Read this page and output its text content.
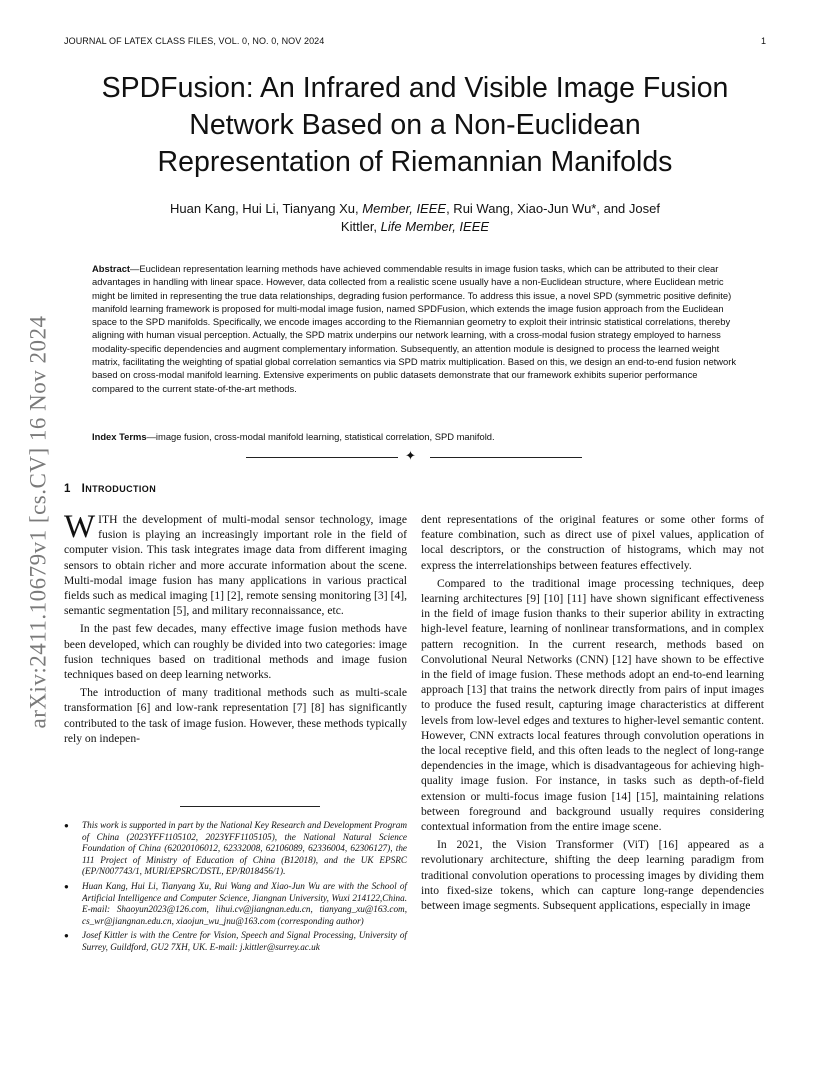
JOURNAL OF LATEX CLASS FILES, VOL. 0, NO. 0, NOV 2024	1
arXiv:2411.10679v1 [cs.CV] 16 Nov 2024
SPDFusion: An Infrared and Visible Image Fusion Network Based on a Non-Euclidean Representation of Riemannian Manifolds
Huan Kang, Hui Li, Tianyang Xu, Member, IEEE, Rui Wang, Xiao-Jun Wu*, and Josef
Kittler, Life Member, IEEE
Abstract—Euclidean representation learning methods have achieved commendable results in image fusion tasks, which can be attributed to their clear advantages in handling with linear space. However, data collected from a realistic scene usually have a non-Euclidean structure, where Euclidean metric might be limited in representing the true data relationships, degrading fusion performance. To address this issue, a novel SPD (symmetric positive definite) manifold learning framework is proposed for multi-modal image fusion, named SPDFusion, which extends the image fusion approach from the Euclidean space to the SPD manifolds. Specifically, we encode images according to the Riemannian geometry to exploit their intrinsic statistical correlations, thereby aligning with human visual perception. Actually, the SPD matrix underpins our network learning, with a cross-modal fusion strategy employed to harness modality-specific dependencies and augment complementary information. Subsequently, an attention module is designed to process the learned weight matrix, facilitating the weighting of spatial global correlation semantics via SPD matrix multiplication. Based on this, we design an end-to-end fusion network based on cross-modal manifold learning. Extensive experiments on public datasets demonstrate that our framework exhibits superior performance compared to the current state-of-the-art methods.
Index Terms—image fusion, cross-modal manifold learning, statistical correlation, SPD manifold.
✦
1 INTRODUCTION

WITH the development of multi-modal sensor technology, image fusion is playing an increasingly important role in the field of computer vision. This task integrates image data from different imaging sensors to obtain richer and more accurate information about the scene. Multi-modal image fusion has many applications in various practical fields such as medical imaging [1] [2], remote sensing monitoring [3] [4], semantic segmentation [5], and military reconnaissance, etc.

In the past few decades, many effective image fusion methods have been developed, which can roughly be divided into two categories: image fusion techniques based on traditional methods and image fusion techniques based on deep learning networks.

The introduction of many traditional methods such as multi-scale transformation [6] and low-rank representation [7] [8] has significantly contributed to the task of image fusion. However, these methods typically rely on indepen-

●	This work is supported in part by the National Key Research and Development Program of China (2023YFF1105102, 2023YFF1105105), the National Natural Science Foundation of China (62020106012, 62332008, 62106089, 62336004, 62306127), the 111 Project of Ministry of Education of China (B12018), and the UK EPSRC (EP/N007743/1, MURI/EPSRC/DSTL, EP/R018456/1).
●	Huan Kang, Hui Li, Tianyang Xu, Rui Wang and Xiao-Jun Wu are with the School of Artificial Intelligence and Computer Science, Jiangnan University, Wuxi 214122,China. E-mail: Shaoyun2023@126.com, lihui.cv@jiangnan.edu.cn, tianyang_xu@163.com, cs_wr@jiangnan.edu.cn, xiaojun_wu_jnu@163.com (corresponding author)
●	Josef Kittler is with the Centre for Vision, Speech and Signal Processing, University of Surrey, Guildford, GU2 7XH, UK. E-mail: j.kittler@surrey.ac.uk

dent representations of the original features or some other forms of feature combination, such as direct use of pixel values, application of local descriptors, or the construction of histograms, which may not express the interrelationships between features effectively.

Compared to the traditional image processing techniques, deep learning architectures [9] [10] [11] have shown significant effectiveness in the field of image fusion thanks to their superior ability in extracting high-level feature, learning of nonlinear transformations, and in complex pattern recognition. In the current research, methods based on Convolutional Neural Networks (CNN) [12] have shown to be effective in the field of image fusion. These methods adopt an end-to-end learning approach [13] that trains the network directly from pairs of input images to produce the fused result, capturing image characteristics at different levels from low-level edges and textures to higher-level semantic content. However, CNN extracts local features through convolution operations in the local receptive field, and this often leads to the neglect of long-range dependencies in the image, which is disadvantageous for achieving high-quality image fusion. For instance, in tasks such as depth-of-field extension or multi-focus image fusion [14] [15], maintaining relations between foreground and background usually requires considering contextual information from the entire image scene.

In 2021, the Vision Transformer (ViT) [16] appeared as a revolutionary architecture, shifting the deep learning paradigm from traditional convolution operations to processing images by dividing them into fixed-size tokens, which can capture long-range dependencies between image segments. Subsequent applications, especially in image
